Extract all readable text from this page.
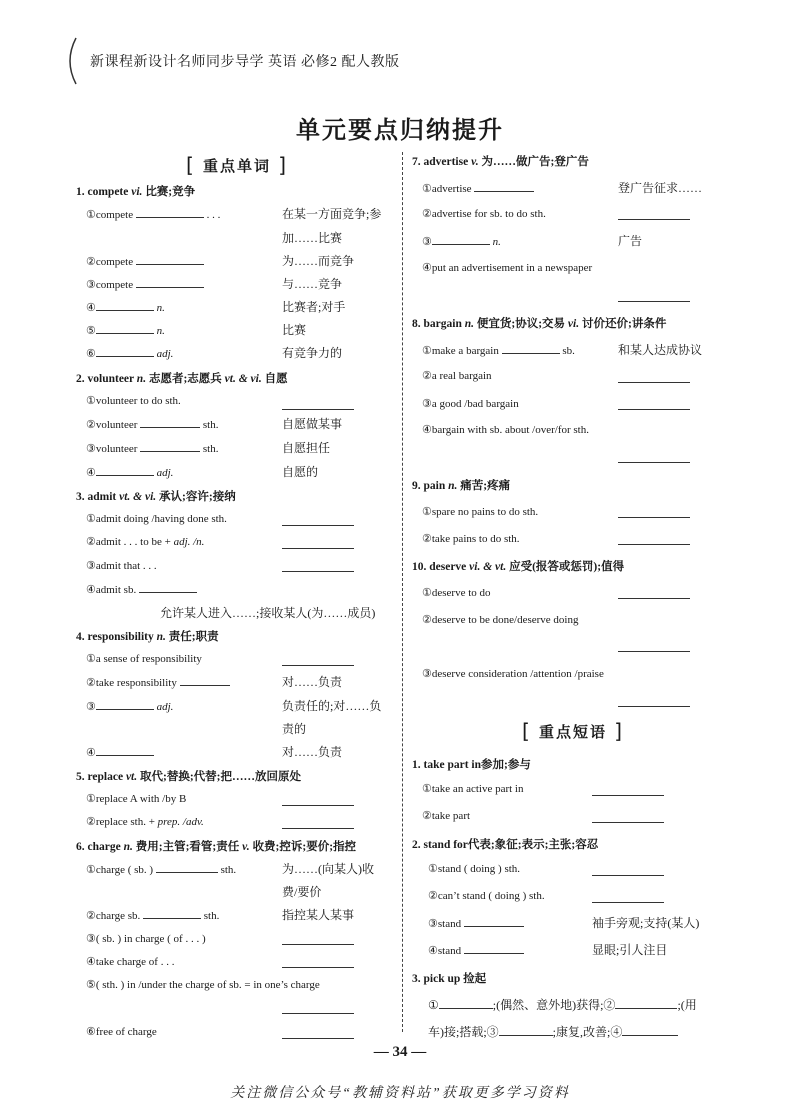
新课程新设计名师同步导学 英语 必修2 配人教版
单元要点归纳提升
[ 重点单词 ]
1. compete vi. 比赛;竞争
①compete	. . .	在某一方面竞争;参
加……比赛
②compete	为……而竞争
③compete	与……竞争
④	n.	比赛者;对手
⑤	n.	比赛
⑥	adj.	有竞争力的
2. volunteer n. 志愿者;志愿兵 vt. & vi. 自愿
①volunteer to do sth.
②volunteer	sth.	自愿做某事
③volunteer	sth.	自愿担任
④	adj.	自愿的
3. admit vt. & vi. 承认;容许;接纳
①admit doing /having done sth.
②admit . . . to be + adj. /n.
③admit that . . .
④admit sb.
允许某人进入……;接收某人(为……成员)
4. responsibility n. 责任;职责
①a sense of responsibility
②take responsibility	对……负责
③	adj.	负责任的;对……负
责的
④	对……负责
5. replace vt. 取代;替换;代替;把……放回原处
①replace A with /by B
②replace sth. + prep. /adv.
6. charge n. 费用;主管;看管;责任 v. 收费;控诉;要价;指控
①charge ( sb. )	sth.	为……(向某人)收
费/要价
②charge sb.	sth.	指控某人某事
③( sb. ) in charge ( of . . . )
④take charge of . . .
⑤( sth. ) in /under the charge of sb. = in one’s charge
⑥free of charge
7. advertise v. 为……做广告;登广告
①advertise	登广告征求……
②advertise for sb. to do sth.
③	n.	广告
④put an advertisement in a newspaper
8. bargain n. 便宜货;协议;交易 vi. 讨价还价;讲条件
①make a bargain	sb.	和某人达成协议
②a real bargain
③a good /bad bargain
④bargain with sb. about /over/for sth.
9. pain n. 痛苦;疼痛
①spare no pains to do sth.
②take pains to do sth.
10. deserve vi. & vt. 应受(报答或惩罚);值得
①deserve to do
②deserve to be done/deserve doing
③deserve consideration /attention /praise
[ 重点短语 ]
1. take part in参加;参与
①take an active part in
②take part
2. stand for代表;象征;表示;主张;容忍
①stand ( doing ) sth.
②can’t stand ( doing ) sth.
③stand	袖手旁观;支持(某人)
④stand	显眼;引人注目
3. pick up 捡起
①	;(偶然、意外地)获得;②	;(用
车)接;搭载;③	;康复,改善;④
— 34 —
关注微信公众号“教辅资料站”获取更多学习资料
